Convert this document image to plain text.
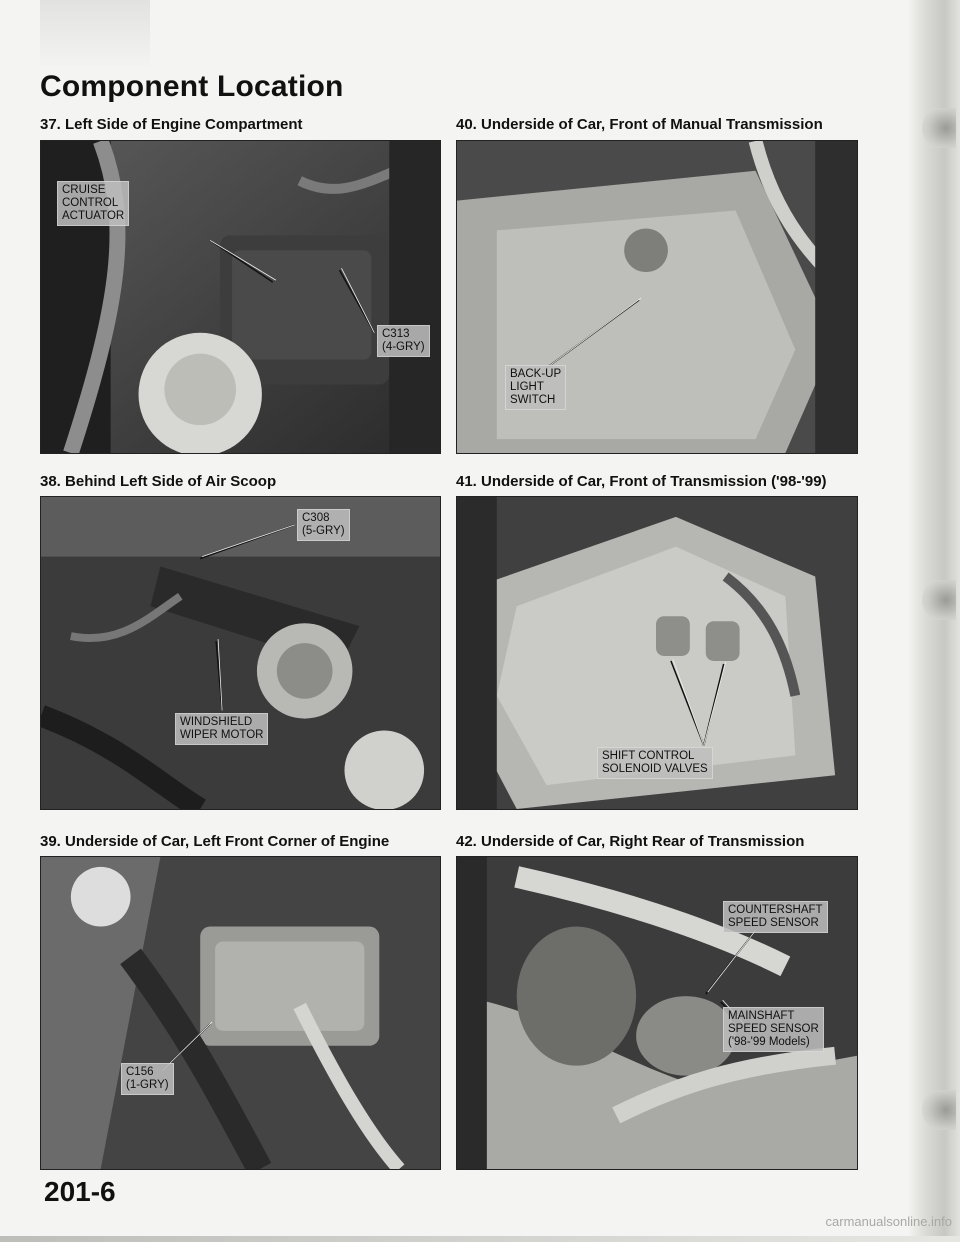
Component Location
37. Left Side of Engine Compartment
CRUISE
CONTROL
ACTUATOR
C313
(4-GRY)
38. Behind Left Side of Air Scoop
C308
(5-GRY)
WINDSHIELD
WIPER MOTOR
39. Underside of Car, Left Front Corner of Engine
C156
(1-GRY)
40. Underside of Car, Front of Manual Transmission
BACK-UP
LIGHT
SWITCH
41. Underside of Car, Front of Transmission ('98-'99)
SHIFT CONTROL
SOLENOID VALVES
42. Underside of Car, Right Rear of Transmission
COUNTERSHAFT
SPEED SENSOR
MAINSHAFT
SPEED SENSOR
('98-'99 Models)
201-6
carmanualsonline.info
